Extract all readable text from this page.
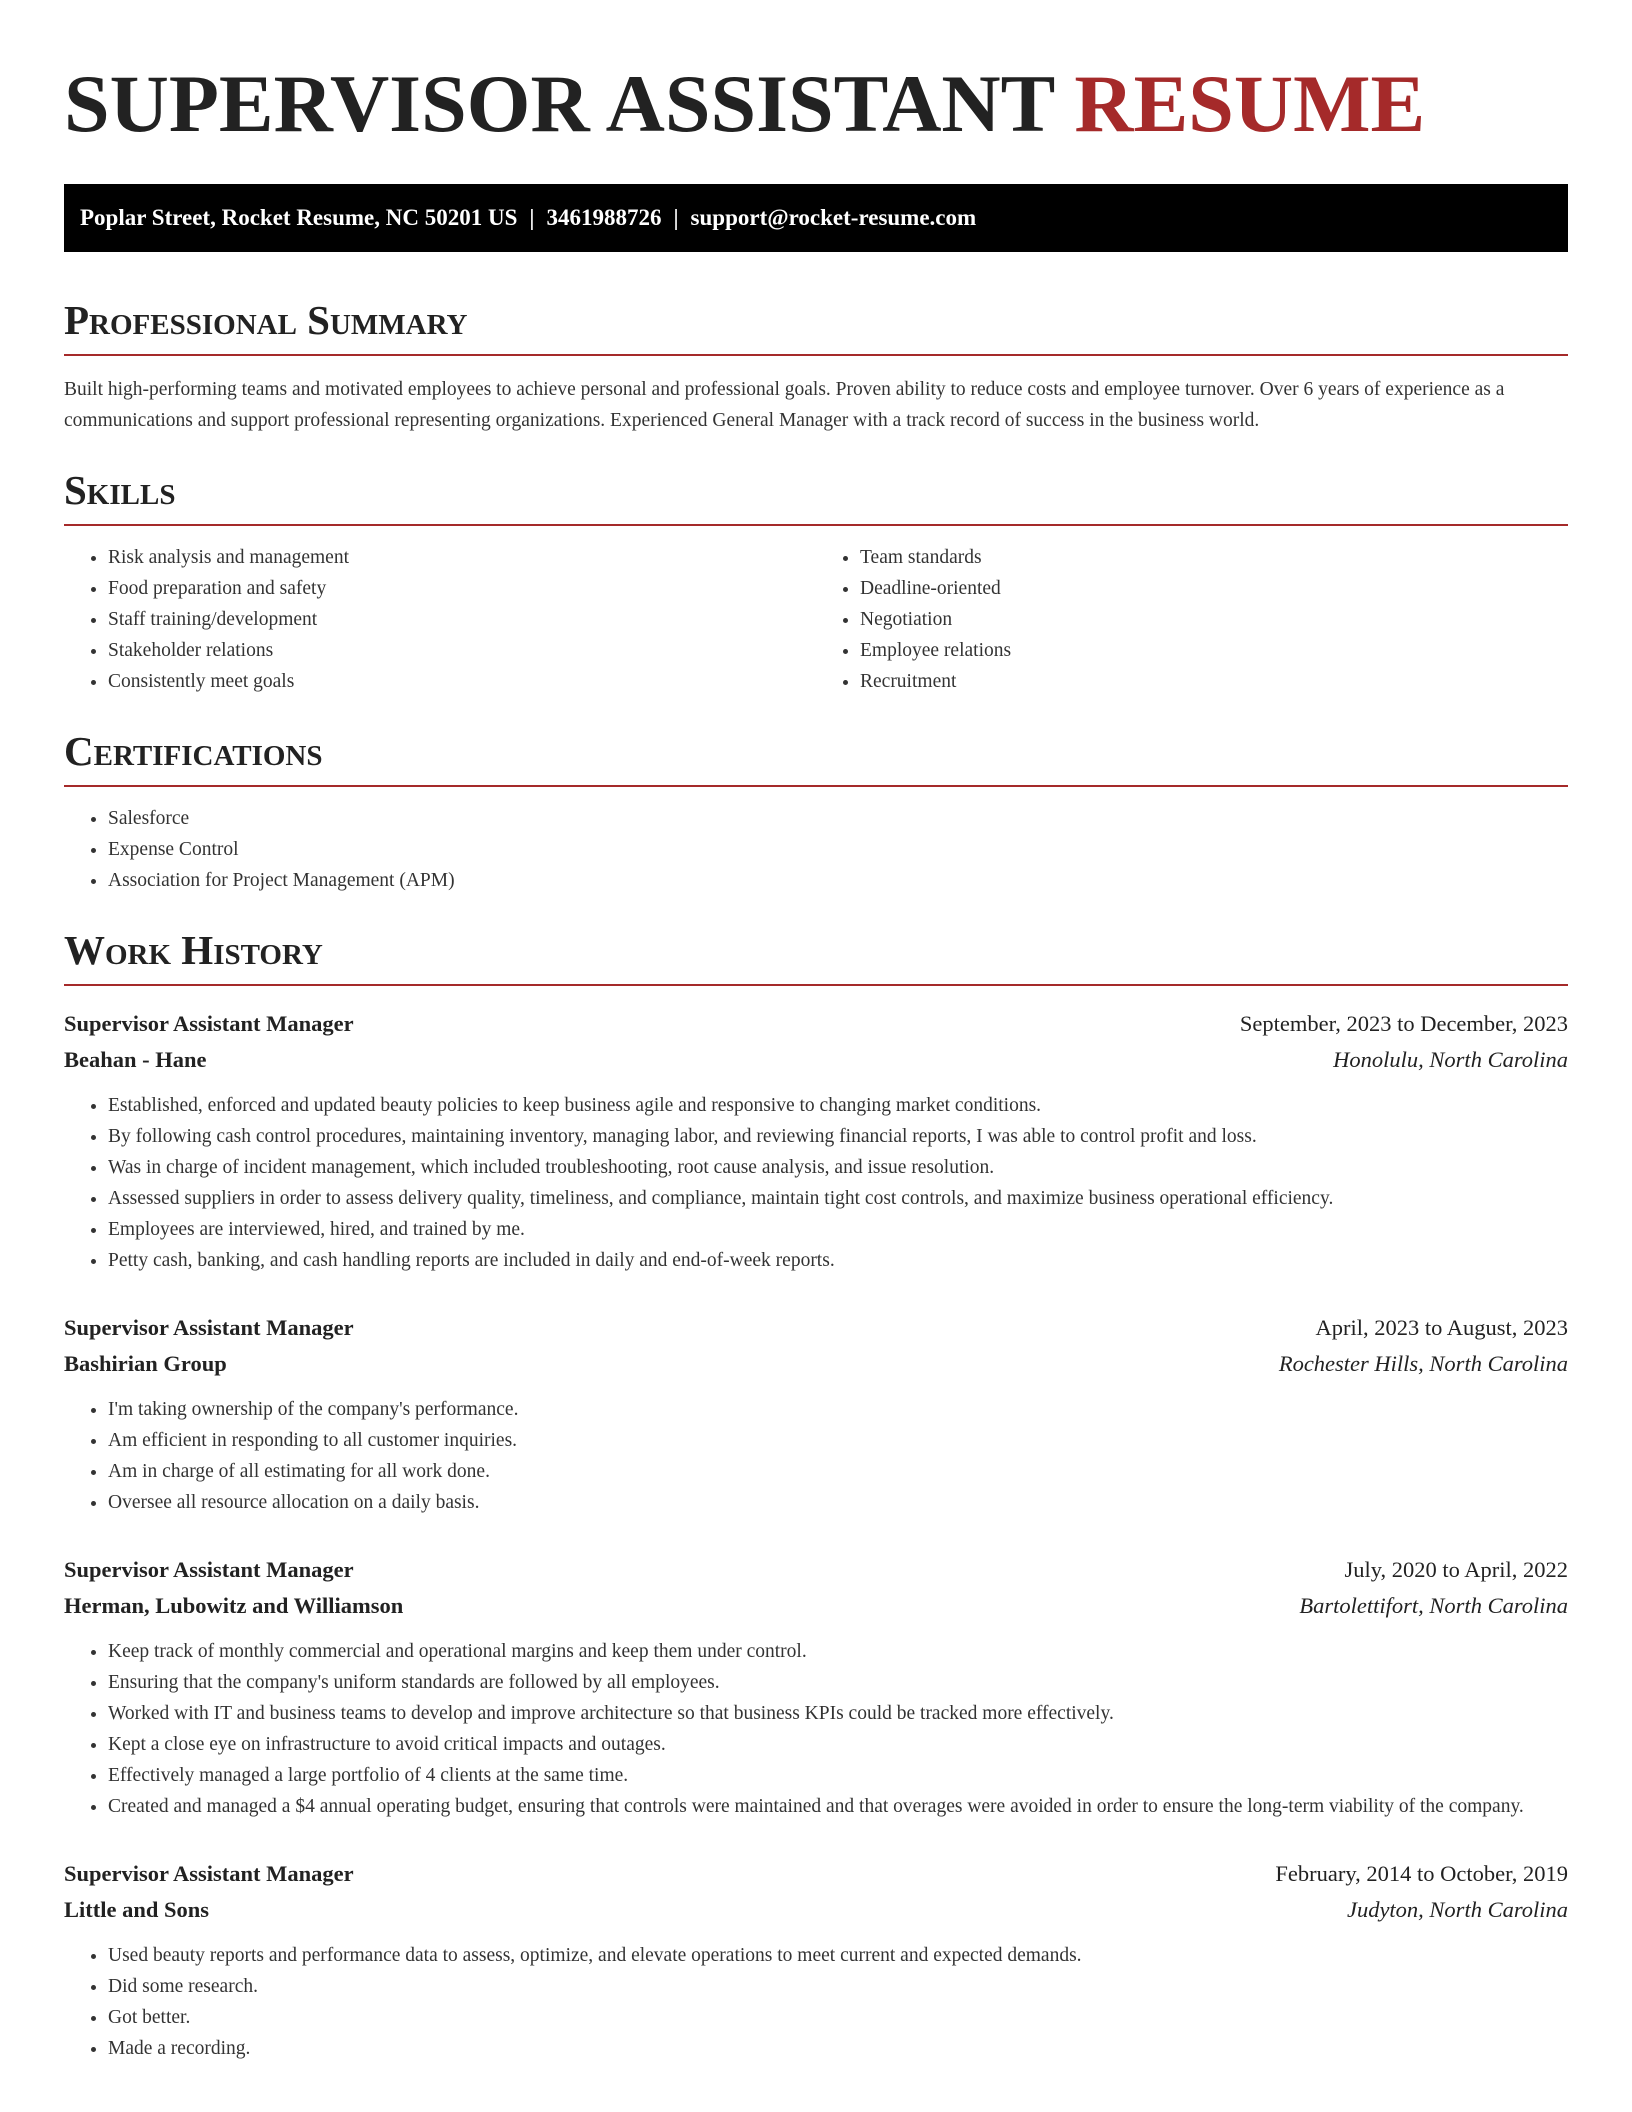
SUPERVISOR ASSISTANT RESUME
Poplar Street, Rocket Resume, NC 50201 US | 3461988726 | support@rocket-resume.com
Professional Summary

Built high-performing teams and motivated employees to achieve personal and professional goals. Proven ability to reduce costs and employee turnover. Over 6 years of experience as a communications and support professional representing organizations. Experienced General Manager with a track record of success in the business world.

Skills
• Risk analysis and management
• Food preparation and safety
• Staff training/development
• Stakeholder relations
• Consistently meet goals
• Team standards
• Deadline-oriented
• Negotiation
• Employee relations
• Recruitment
Certifications
• Salesforce
• Expense Control
• Association for Project Management (APM)
Work History
Supervisor Assistant Manager	September, 2023 to December, 2023
Beahan - Hane	Honolulu, North Carolina
• Established, enforced and updated beauty policies to keep business agile and responsive to changing market conditions.
• By following cash control procedures, maintaining inventory, managing labor, and reviewing financial reports, I was able to control profit and loss.
• Was in charge of incident management, which included troubleshooting, root cause analysis, and issue resolution.
• Assessed suppliers in order to assess delivery quality, timeliness, and compliance, maintain tight cost controls, and maximize business operational efficiency.
• Employees are interviewed, hired, and trained by me.
• Petty cash, banking, and cash handling reports are included in daily and end-of-week reports.
Supervisor Assistant Manager	April, 2023 to August, 2023
Bashirian Group	Rochester Hills, North Carolina
• I'm taking ownership of the company's performance.
• Am efficient in responding to all customer inquiries.
• Am in charge of all estimating for all work done.
• Oversee all resource allocation on a daily basis.
Supervisor Assistant Manager	July, 2020 to April, 2022
Herman, Lubowitz and Williamson	Bartolettifort, North Carolina
• Keep track of monthly commercial and operational margins and keep them under control.
• Ensuring that the company's uniform standards are followed by all employees.
• Worked with IT and business teams to develop and improve architecture so that business KPIs could be tracked more effectively.
• Kept a close eye on infrastructure to avoid critical impacts and outages.
• Effectively managed a large portfolio of 4 clients at the same time.
• Created and managed a $4 annual operating budget, ensuring that controls were maintained and that overages were avoided in order to ensure the long-term viability of the company.
Supervisor Assistant Manager	February, 2014 to October, 2019
Little and Sons	Judyton, North Carolina
• Used beauty reports and performance data to assess, optimize, and elevate operations to meet current and expected demands.
• Did some research.
• Got better.
• Made a recording.
